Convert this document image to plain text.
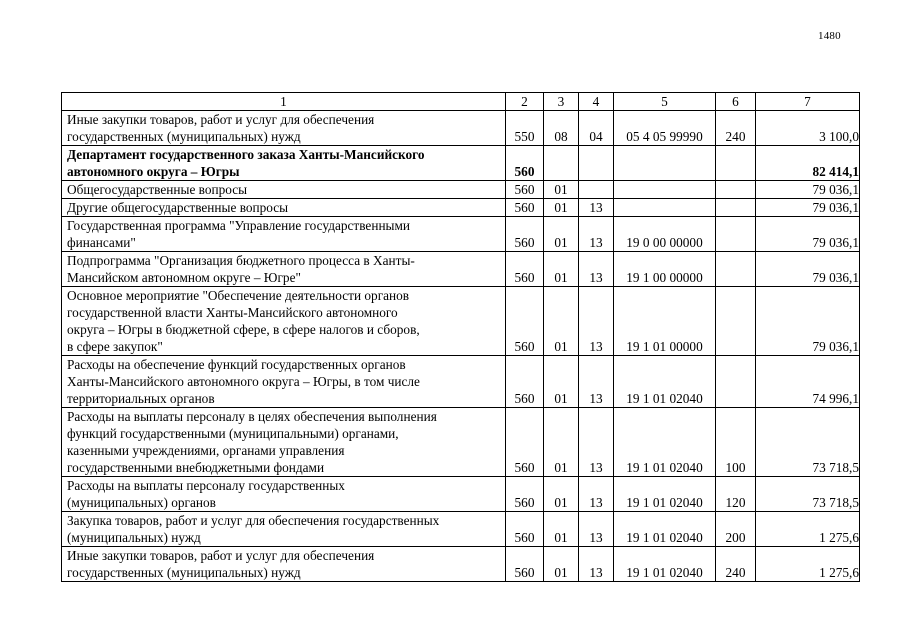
1480
1	2	3	4	5	6	7

Иные закупки товаров, работ и услуг для обеспечения
государственных (муниципальных) нужд	550	08	04	05 4 05 99990	240	3 100,0

Департамент государственного заказа Ханты-Мансийского
автономного округа – Югры	560					82 414,1

Общегосударственные вопросы	560	01				79 036,1

Другие общегосударственные вопросы	560	01	13			79 036,1

Государственная программа "Управление государственными
финансами"	560	01	13	19 0 00 00000		79 036,1

Подпрограмма "Организация бюджетного процесса в Ханты-
Мансийском автономном округе – Югре"	560	01	13	19 1 00 00000		79 036,1

Основное мероприятие "Обеспечение деятельности органов
государственной власти Ханты-Мансийского автономного
округа – Югры в бюджетной сфере, в сфере налогов и сборов,
в сфере закупок"	560	01	13	19 1 01 00000		79 036,1

Расходы на обеспечение функций государственных органов
Ханты-Мансийского автономного округа – Югры, в том числе
территориальных органов	560	01	13	19 1 01 02040		74 996,1

Расходы на выплаты персоналу в целях обеспечения выполнения
функций государственными (муниципальными) органами,
казенными учреждениями, органами управления
государственными внебюджетными фондами	560	01	13	19 1 01 02040	100	73 718,5

Расходы на выплаты персоналу государственных
(муниципальных) органов	560	01	13	19 1 01 02040	120	73 718,5

Закупка товаров, работ и услуг для обеспечения государственных
(муниципальных) нужд	560	01	13	19 1 01 02040	200	1 275,6

Иные закупки товаров, работ и услуг для обеспечения
государственных (муниципальных) нужд	560	01	13	19 1 01 02040	240	1 275,6
